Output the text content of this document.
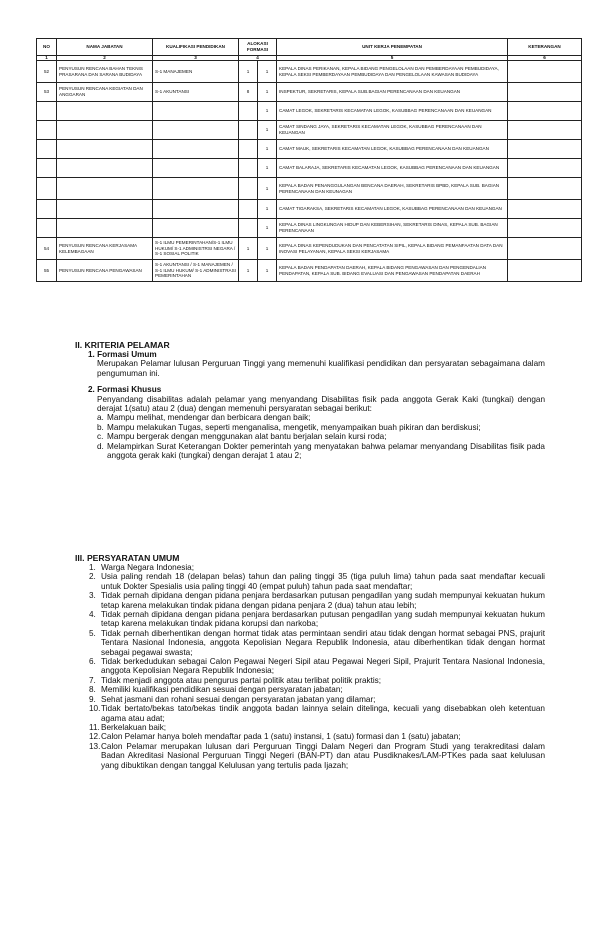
NO	NAMA JABATAN	KUALIFIKASI PENDIDIKAN	ALOKASI FORMASI		UNIT KERJA PENEMPATAN	KETERANGAN
1	2	3	4		5	6
52	PENYUSUN RENCANA BAHAN TEKNIS PRASARANA DAN SARANA BUDIDAYA	S-1 MANAJEMEN	1	1	KEPALA DINAS PERIKANAN, KEPALA BIDANG PENGELOLAAN DAN PEMBERDAYAAN PEMBUDIDAYA, KEPALA SEKSI PEMBERDAYAAN PEMBUDIDAYA DAN PENGELOLAAN KAWASAN BUDIDAYA	
53	PENYUSUN RENCANA KEGIATAN DAN ANGGARAN	S-1 AKUNTANSI	8	1	INSPEKTUR, SEKRETARIS, KEPALA SUB.BAGIAN PERENCANAAN DAN KEUANGAN	
				1	CAMAT LEGOK, SEKRETARIS KECAMATAN LEGOK, KASUBBAG PERENCANAAN DAN KEUANGAN	
				1	CAMAT SINDANG JAYA, SEKRETARIS KECAMATAN LEGOK, KASUBBAG PERENCANAAN DAN KEUANGAN	
				1	CAMAT MAUK, SEKRETARIS KECAMATAN LEGOK, KASUBBAG PERENCANAAN DAN KEUANGAN	
				1	CAMAT BALARAJA, SEKRETARIS KECAMATAN LEGOK, KASUBBAG PERENCANAAN DAN KEUANGAN	
				1	KEPALA BADAN PENANGGULANGAN BENCANA DAERAH, SEKRETARIS BPBD, KEPALA SUB. BAGIAN PERENCANAAN DAN KEUNAGAN	
				1	CAMAT TIGARAKSA, SEKRETARIS KECAMATAN LEGOK, KASUBBAG PERENCANAAN DAN KEUANGAN	
				1	KEPALA DINAS LINGKUNGAN HIDUP DAN KEBERSIHAN, SEKRETARIS DINAS, KEPALA SUB. BAGIAN PERENCANAAN	
54	PENYUSUN RENCANA KERJASAMA KELEMBAGAAN	S-1 ILMU PEMERINTAHAN/S-1 ILMU HUKUM/ S-1 ADMINISTRSI NEGARA / S-1 SOSIAL POLITIK	1	1	KEPALA DINAS KEPENDUDUKAN DAN PENCATATAN SIPIL, KEPALA BIDANG PEMANFAATAN DATA DAN INOVASI PELAYANAN, KEPALA SEKSI KERJASAMA	
55	PENYUSUN RENCANA PENGAWASAN	S-1 AKUNTANSI / S-1 MANAJEMEN / S-1 ILMU HUKUM/ S-1 ADMINISTRASI PEMERINTAHAN	1	1	KEPALA BADAN PENDAPATAN DAERAH, KEPALA BIDANG PENGAWASAN DAN PENGENDALIAN PENDAPATAN, KEPALA SUB. BIDANG EVALUASI DAN PENGAWASAN PENDAPATAN DAERAH	
II. KRITERIA PELAMAR
1. Formasi Umum

Merupakan Pelamar lulusan Perguruan Tinggi yang memenuhi kualifikasi pendidikan dan persyaratan sebagaimana dalam pengumuman ini.

2. Formasi Khusus

Penyandang disabilitas adalah pelamar yang menyandang Disabilitas fisik pada anggota Gerak Kaki (tungkai) dengan derajat 1(satu) atau 2 (dua) dengan memenuhi persyaratan sebagai berikut:

a. Mampu melihat, mendengar dan berbicara dengan baik;
b. Mampu melakukan Tugas, seperti menganalisa, mengetik, menyampaikan buah pikiran dan berdiskusi;
c. Mampu bergerak dengan menggunakan alat bantu berjalan selain kursi roda;
d. Melampirkan Surat Keterangan Dokter pemerintah yang menyatakan bahwa pelamar menyandang Disabilitas fisik pada anggota gerak kaki (tungkai) dengan derajat 1 atau 2;
III. PERSYARATAN UMUM
1. Warga Negara Indonesia;
2. Usia paling rendah 18 (delapan belas) tahun dan paling tinggi 35 (tiga puluh lima) tahun pada saat mendaftar kecuali untuk Dokter Spesialis usia paling tinggi 40 (empat puluh) tahun pada saat mendaftar;
3. Tidak pernah dipidana dengan pidana penjara berdasarkan putusan pengadilan yang sudah mempunyai kekuatan hukum tetap karena melakukan tindak pidana dengan pidana penjara 2 (dua) tahun atau lebih;
4. Tidak pernah dipidana dengan pidana penjara berdasarkan putusan pengadilan yang sudah mempunyai kekuatan hukum tetap karena melakukan tindak pidana korupsi dan narkoba;
5. Tidak pernah diberhentikan dengan hormat tidak atas permintaan sendiri atau tidak dengan hormat sebagai PNS, prajurit Tentara Nasional Indonesia, anggota Kepolisian Negara Republik Indonesia, atau diberhentikan tidak dengan hormat sebagai pegawai swasta;
6. Tidak berkedudukan sebagai Calon Pegawai Negeri Sipil atau Pegawai Negeri Sipil, Prajurit Tentara Nasional Indonesia, anggota Kepolisian Negara Republik Indonesia;
7. Tidak menjadi anggota atau pengurus partai politik atau terlibat politik praktis;
8. Memiliki kualifikasi pendidikan sesuai dengan persyaratan jabatan;
9. Sehat jasmani dan rohani sesuai dengan persyaratan jabatan yang dilamar;
10. Tidak bertato/bekas tato/bekas tindik anggota badan lainnya selain ditelinga, kecuali yang disebabkan oleh ketentuan agama atau adat;
11. Berkelakuan baik;
12. Calon Pelamar hanya boleh mendaftar pada 1 (satu) instansi, 1 (satu) formasi dan 1 (satu) jabatan;
13. Calon Pelamar merupakan lulusan dari Perguruan Tinggi Dalam Negeri dan Program Studi yang terakreditasi dalam Badan Akreditasi Nasional Perguruan Tinggi Negeri (BAN-PT) dan atau Pusdiknakes/LAM-PTKes pada saat kelulusan yang dibuktikan dengan tanggal Kelulusan yang tertulis pada Ijazah;
